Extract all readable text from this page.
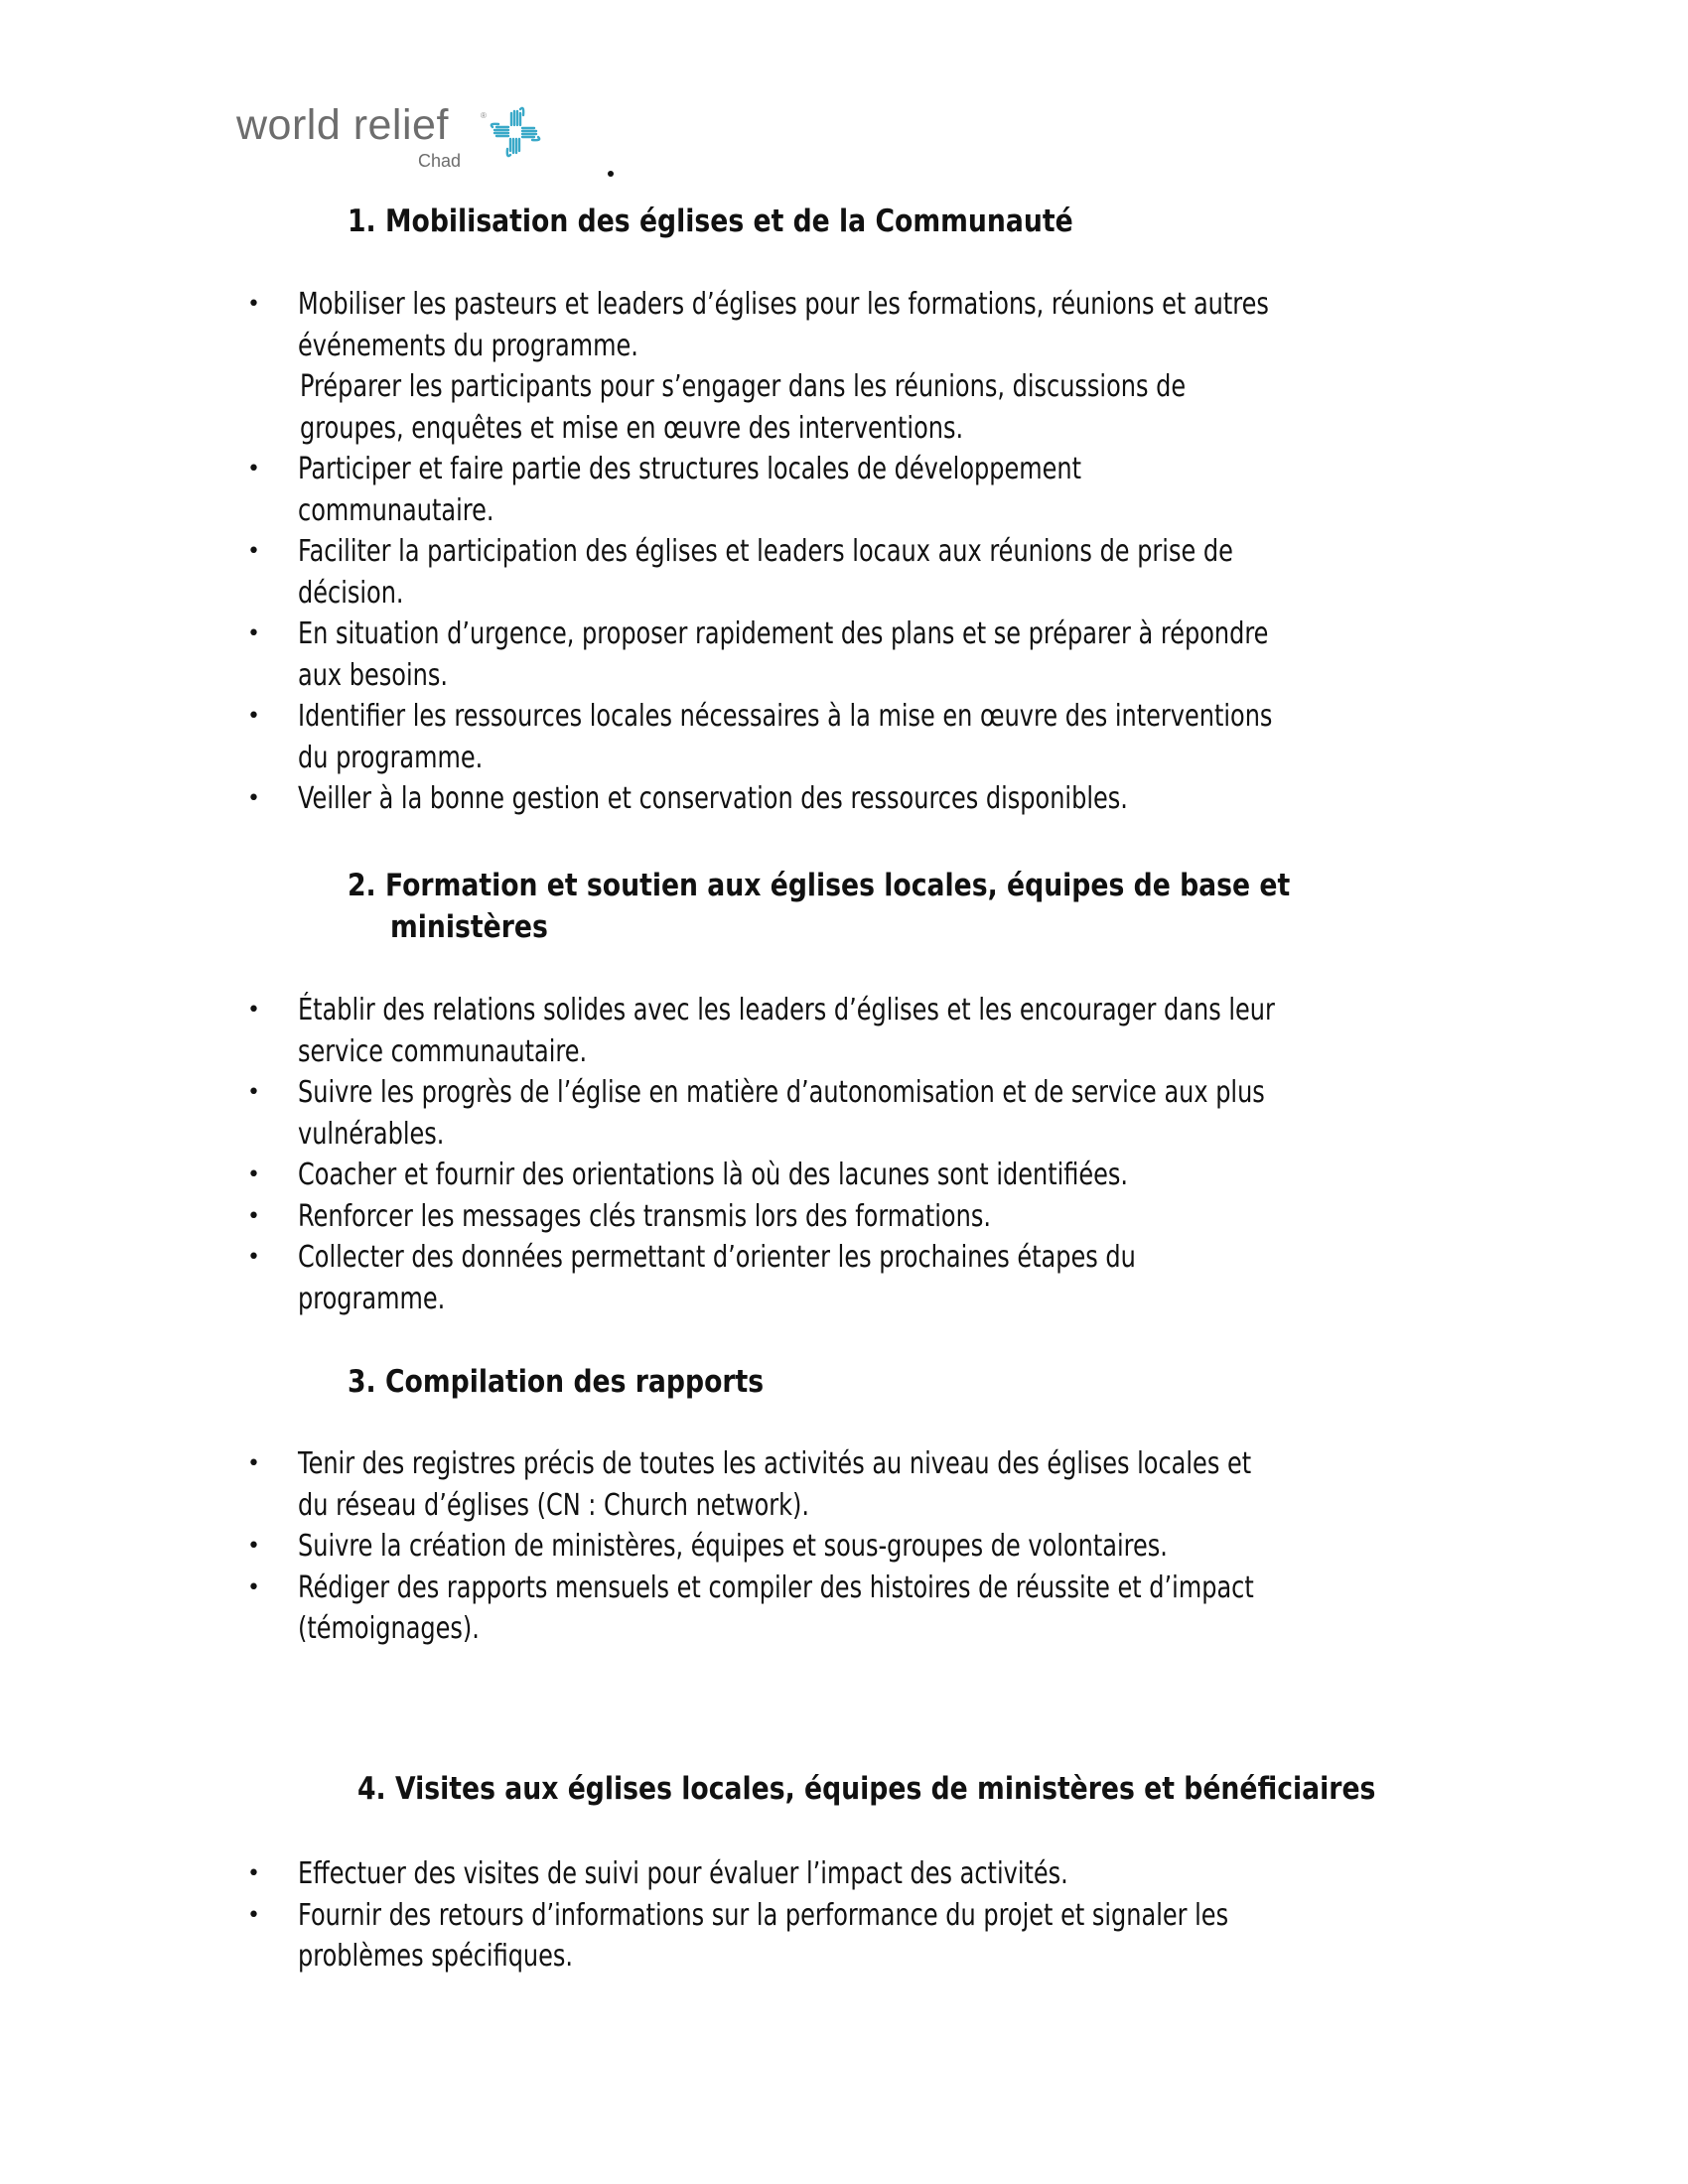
world relief	®
Chad
1. Mobilisation des églises et de la Communauté
• Mobiliser les pasteurs et leaders d’églises pour les formations, réunions et autres
événements du programme.
Préparer les participants pour s’engager dans les réunions, discussions de
groupes, enquêtes et mise en œuvre des interventions.
• Participer et faire partie des structures locales de développement
communautaire.
• Faciliter la participation des églises et leaders locaux aux réunions de prise de
décision.
• En situation d’urgence, proposer rapidement des plans et se préparer à répondre
aux besoins.
• Identifier les ressources locales nécessaires à la mise en œuvre des interventions
du programme.
• Veiller à la bonne gestion et conservation des ressources disponibles.
2. Formation et soutien aux églises locales, équipes de base et
ministères
• Établir des relations solides avec les leaders d’églises et les encourager dans leur
service communautaire.
• Suivre les progrès de l’église en matière d’autonomisation et de service aux plus
vulnérables.
• Coacher et fournir des orientations là où des lacunes sont identifiées.
• Renforcer les messages clés transmis lors des formations.
• Collecter des données permettant d’orienter les prochaines étapes du
programme.
3. Compilation des rapports
• Tenir des registres précis de toutes les activités au niveau des églises locales et
du réseau d’églises (CN : Church network).
• Suivre la création de ministères, équipes et sous-groupes de volontaires.
• Rédiger des rapports mensuels et compiler des histoires de réussite et d’impact
(témoignages).
4. Visites aux églises locales, équipes de ministères et bénéficiaires
• Effectuer des visites de suivi pour évaluer l’impact des activités.
• Fournir des retours d’informations sur la performance du projet et signaler les
problèmes spécifiques.
